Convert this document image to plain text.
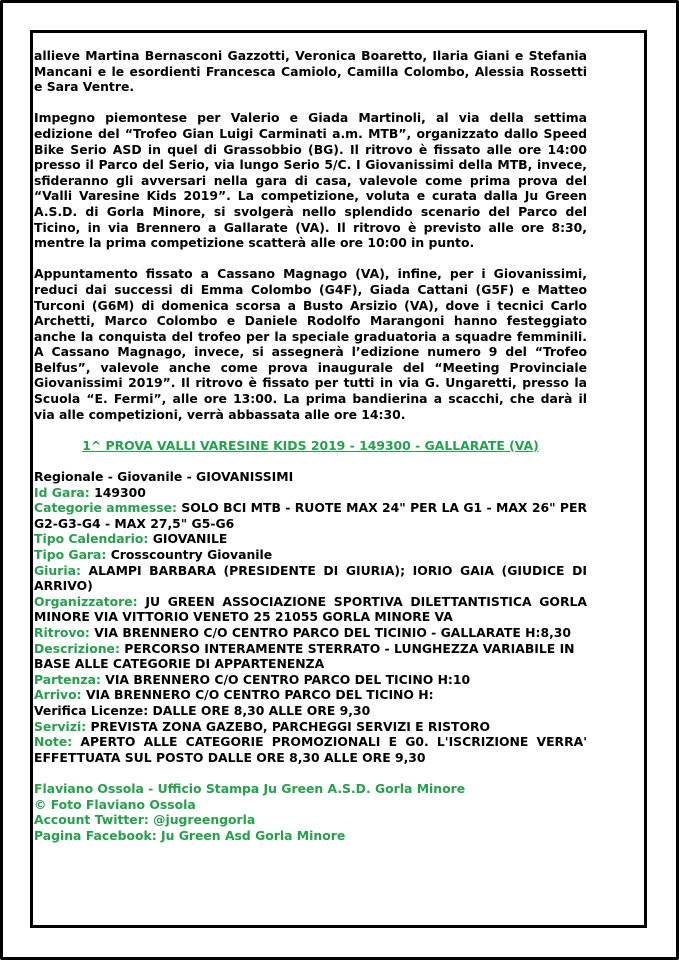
allieve Martina Bernasconi Gazzotti, Veronica Boaretto, Ilaria Giani e Stefania Mancani e le esordienti Francesca Camiolo, Camilla Colombo, Alessia Rossetti e Sara Ventre.

Impegno piemontese per Valerio e Giada Martinoli, al via della settima edizione del “Trofeo Gian Luigi Carminati a.m. MTB”, organizzato dallo Speed Bike Serio ASD in quel di Grassobbio (BG). Il ritrovo è fissato alle ore 14:00 presso il Parco del Serio, via lungo Serio 5/C. I Giovanissimi della MTB, invece, sfideranno gli avversari nella gara di casa, valevole come prima prova del “Valli Varesine Kids 2019”. La competizione, voluta e curata dalla Ju Green A.S.D. di Gorla Minore, si svolgerà nello splendido scenario del Parco del Ticino, in via Brennero a Gallarate (VA). Il ritrovo è previsto alle ore 8:30, mentre la prima competizione scatterà alle ore 10:00 in punto.

Appuntamento fissato a Cassano Magnago (VA), infine, per i Giovanissimi, reduci dai successi di Emma Colombo (G4F), Giada Cattani (G5F) e Matteo Turconi (G6M) di domenica scorsa a Busto Arsizio (VA), dove i tecnici Carlo Archetti, Marco Colombo e Daniele Rodolfo Marangoni hanno festeggiato anche la conquista del trofeo per la speciale graduatoria a squadre femminili. A Cassano Magnago, invece, si assegnerà l’edizione numero 9 del “Trofeo Belfus”, valevole anche come prova inaugurale del “Meeting Provinciale Giovanissimi 2019”. Il ritrovo è fissato per tutti in via G. Ungaretti, presso la Scuola “E. Fermi”, alle ore 13:00. La prima bandierina a scacchi, che darà il via alle competizioni, verrà abbassata alle ore 14:30.

1^ PROVA VALLI VARESINE KIDS 2019 - 149300 - GALLARATE (VA)

Regionale - Giovanile - GIOVANISSIMI

Id Gara: 149300

Categorie ammesse: SOLO BCI MTB - RUOTE MAX 24" PER LA G1 - MAX 26" PER G2-G3-G4 - MAX 27,5" G5-G6

Tipo Calendario: GIOVANILE

Tipo Gara: Crosscountry Giovanile

Giuria: ALAMPI BARBARA (PRESIDENTE DI GIURIA); IORIO GAIA (GIUDICE DI ARRIVO)

Organizzatore: JU GREEN ASSOCIAZIONE SPORTIVA DILETTANTISTICA GORLA MINORE VIA VITTORIO VENETO 25 21055 GORLA MINORE VA

Ritrovo: VIA BRENNERO C/O CENTRO PARCO DEL TICINIO - GALLARATE H:8,30

Descrizione: PERCORSO INTERAMENTE STERRATO - LUNGHEZZA VARIABILE IN BASE ALLE CATEGORIE DI APPARTENENZA

Partenza: VIA BRENNERO C/O CENTRO PARCO DEL TICINO H:10

Arrivo: VIA BRENNERO C/O CENTRO PARCO DEL TICINO H:

Verifica Licenze: DALLE ORE 8,30 ALLE ORE 9,30

Servizi: PREVISTA ZONA GAZEBO, PARCHEGGI SERVIZI E RISTORO

Note: APERTO ALLE CATEGORIE PROMOZIONALI E G0. L'ISCRIZIONE VERRA' EFFETTUATA SUL POSTO DALLE ORE 8,30 ALLE ORE 9,30

Flaviano Ossola - Ufficio Stampa Ju Green A.S.D. Gorla Minore

© Foto Flaviano Ossola

Account Twitter: @jugreengorla

Pagina Facebook: Ju Green Asd Gorla Minore
